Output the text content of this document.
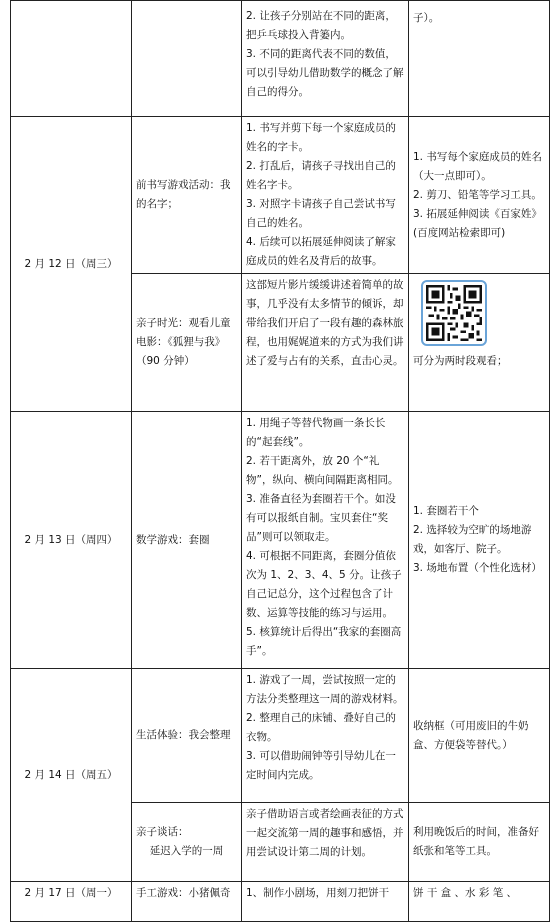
		2. 让孩子分别站在不同的距离，把乒乓球投入背篓内。
3. 不同的距离代表不同的数值，可以引导幼儿借助数学的概念了解自己的得分。	子）。

2 月 12 日（周三）	前书写游戏活动：我的名字；	1. 书写并剪下每一个家庭成员的姓名的字卡。
2. 打乱后，请孩子寻找出自己的姓名字卡。
3. 对照字卡请孩子自己尝试书写自己的姓名。
4. 后续可以拓展延伸阅读了解家庭成员的姓名及背后的故事。	1. 书写每个家庭成员的姓名（大一点即可）。
2. 剪刀、铅笔等学习工具。
3. 拓展延伸阅读《百家姓》(百度网站检索即可)

	亲子时光：观看儿童电影：《狐狸与我》（90 分钟）	这部短片影片缓缓讲述着简单的故事，几乎没有太多情节的倾诉，却带给我们开启了一段有趣的森林旅程，也用娓娓道来的方式为我们讲述了爱与占有的关系，直击心灵。	可分为两时段观看；

2 月 13 日（周四）	数学游戏：套圈	1. 用绳子等替代物画一条长长的“起套线”。
2. 若干距离外，放 20 个“礼物”，纵向、横向间隔距离相同。
3. 准备直径为套圈若干个。如没有可以报纸自制。宝贝套住“奖品”则可以领取走。
4. 可根据不同距离，套圈分值依次为 1、2、3、4、5 分。让孩子自己记总分，这个过程包含了计数、运算等技能的练习与运用。
5. 核算统计后得出“我家的套圈高手”。	1. 套圈若干个
2. 选择较为空旷的场地游戏，如客厅、院子。
3. 场地布置（个性化选材）

2 月 14 日（周五）	生活体验：我会整理	1. 游戏了一周，尝试按照一定的方法分类整理这一周的游戏材料。
2. 整理自己的床铺、叠好自己的衣物。
3. 可以借助闹钟等引导幼儿在一定时间内完成。	收纳框（可用废旧的牛奶盒、方便袋等替代。）

	亲子谈话：
延迟入学的一周	亲子借助语言或者绘画表征的方式一起交流第一周的趣事和感悟，并用尝试设计第二周的计划。	利用晚饭后的时间，准备好纸张和笔等工具。

2 月 17 日（周一）	手工游戏：小猪佩奇	1、制作小剧场，用刻刀把饼干	饼 干 盒 、水 彩 笔 、
